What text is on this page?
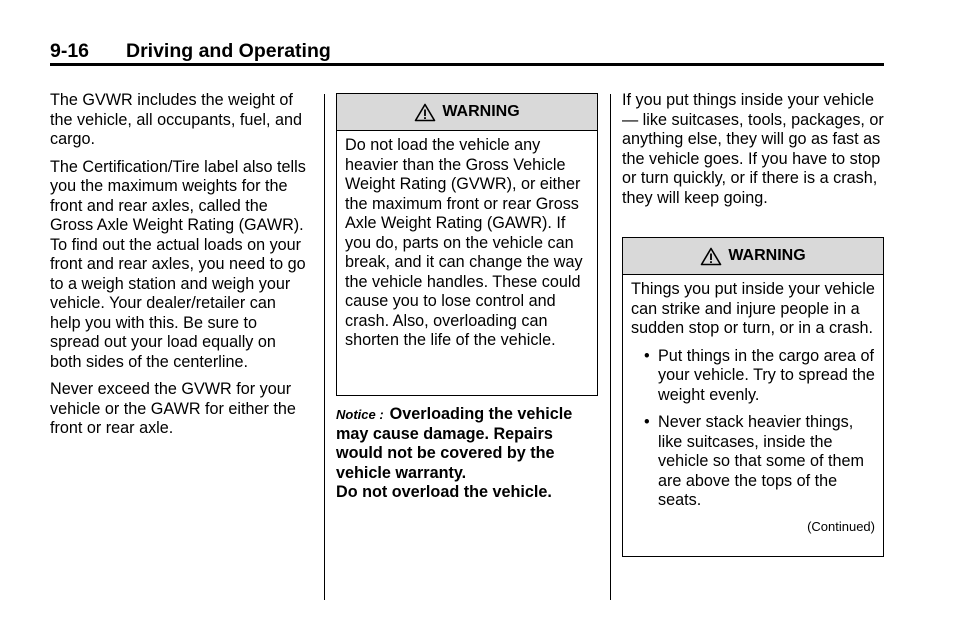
9-16 Driving and Operating

The GVWR includes the weight of the vehicle, all occupants, fuel, and cargo.

The Certification/Tire label also tells you the maximum weights for the front and rear axles, called the Gross Axle Weight Rating (GAWR). To find out the actual loads on your front and rear axles, you need to go to a weigh station and weigh your vehicle. Your dealer/retailer can help you with this. Be sure to spread out your load equally on both sides of the centerline.

Never exceed the GVWR for your vehicle or the GAWR for either the front or rear axle.

WARNING
Do not load the vehicle any heavier than the Gross Vehicle Weight Rating (GVWR), or either the maximum front or rear Gross Axle Weight Rating (GAWR). If you do, parts on the vehicle can break, and it can change the way the vehicle handles. These could cause you to lose control and crash. Also, overloading can shorten the life of the vehicle.
Notice : Overloading the vehicle may cause damage. Repairs would not be covered by the vehicle warranty.
Do not overload the vehicle.

If you put things inside your vehicle — like suitcases, tools, packages, or anything else, they will go as fast as the vehicle goes. If you have to stop or turn quickly, or if there is a crash, they will keep going.

WARNING
Things you put inside your vehicle can strike and injure people in a sudden stop or turn, or in a crash.
• Put things in the cargo area of your vehicle. Try to spread the weight evenly.
• Never stack heavier things, like suitcases, inside the vehicle so that some of them are above the tops of the seats.
(Continued)
